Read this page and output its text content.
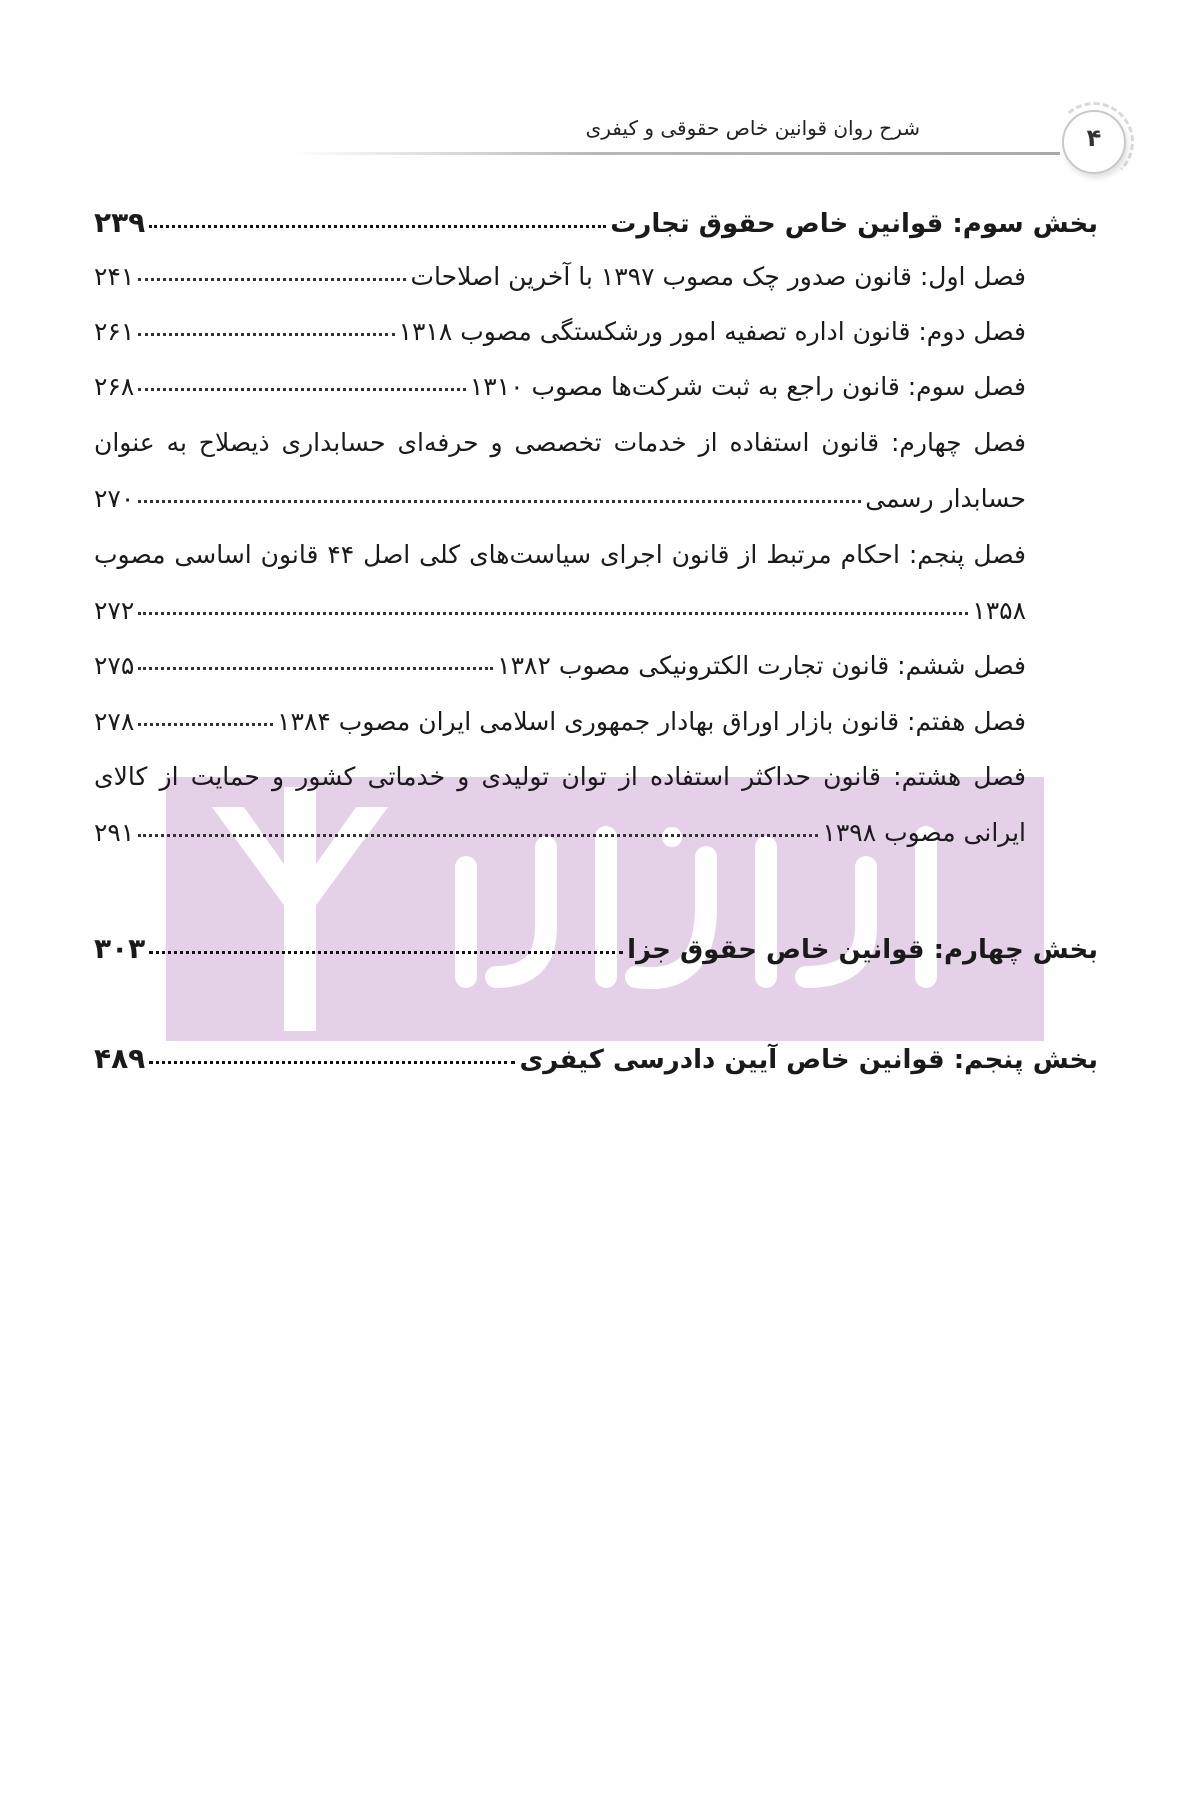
شرح روان قوانین خاص حقوقی و کیفری	۴
بخش سوم: قوانین خاص حقوق تجارت
۲۳۹
فصل اول: قانون صدور چک مصوب ۱۳۹۷ با آخرین اصلاحات
۲۴۱
فصل دوم: قانون اداره تصفیه امور ورشکستگی مصوب ۱۳۱۸
۲۶۱
فصل سوم: قانون راجع به ثبت شرکت‌ها مصوب ۱۳۱۰
۲۶۸
فصل چهارم: قانون استفاده از خدمات تخصصی و حرفه‌ای حسابداری ذیصلاح به عنوان
حسابدار رسمی
۲۷۰
فصل پنجم: احکام مرتبط از قانون اجرای سیاست‌های کلی اصل ۴۴ قانون اساسی مصوب
۱۳۵۸
۲۷۲
فصل ششم: قانون تجارت الکترونیکی مصوب ۱۳۸۲
۲۷۵
فصل هفتم: قانون بازار اوراق بهادار جمهوری اسلامی ایران مصوب ۱۳۸۴
۲۷۸
فصل هشتم: قانون حداکثر استفاده از توان تولیدی و خدماتی کشور و حمایت از کالای
ایرانی مصوب ۱۳۹۸
۲۹۱
بخش چهارم: قوانین خاص حقوق جزا
۳۰۳
بخش پنجم: قوانین خاص آیین دادرسی کیفری
۴۸۹
